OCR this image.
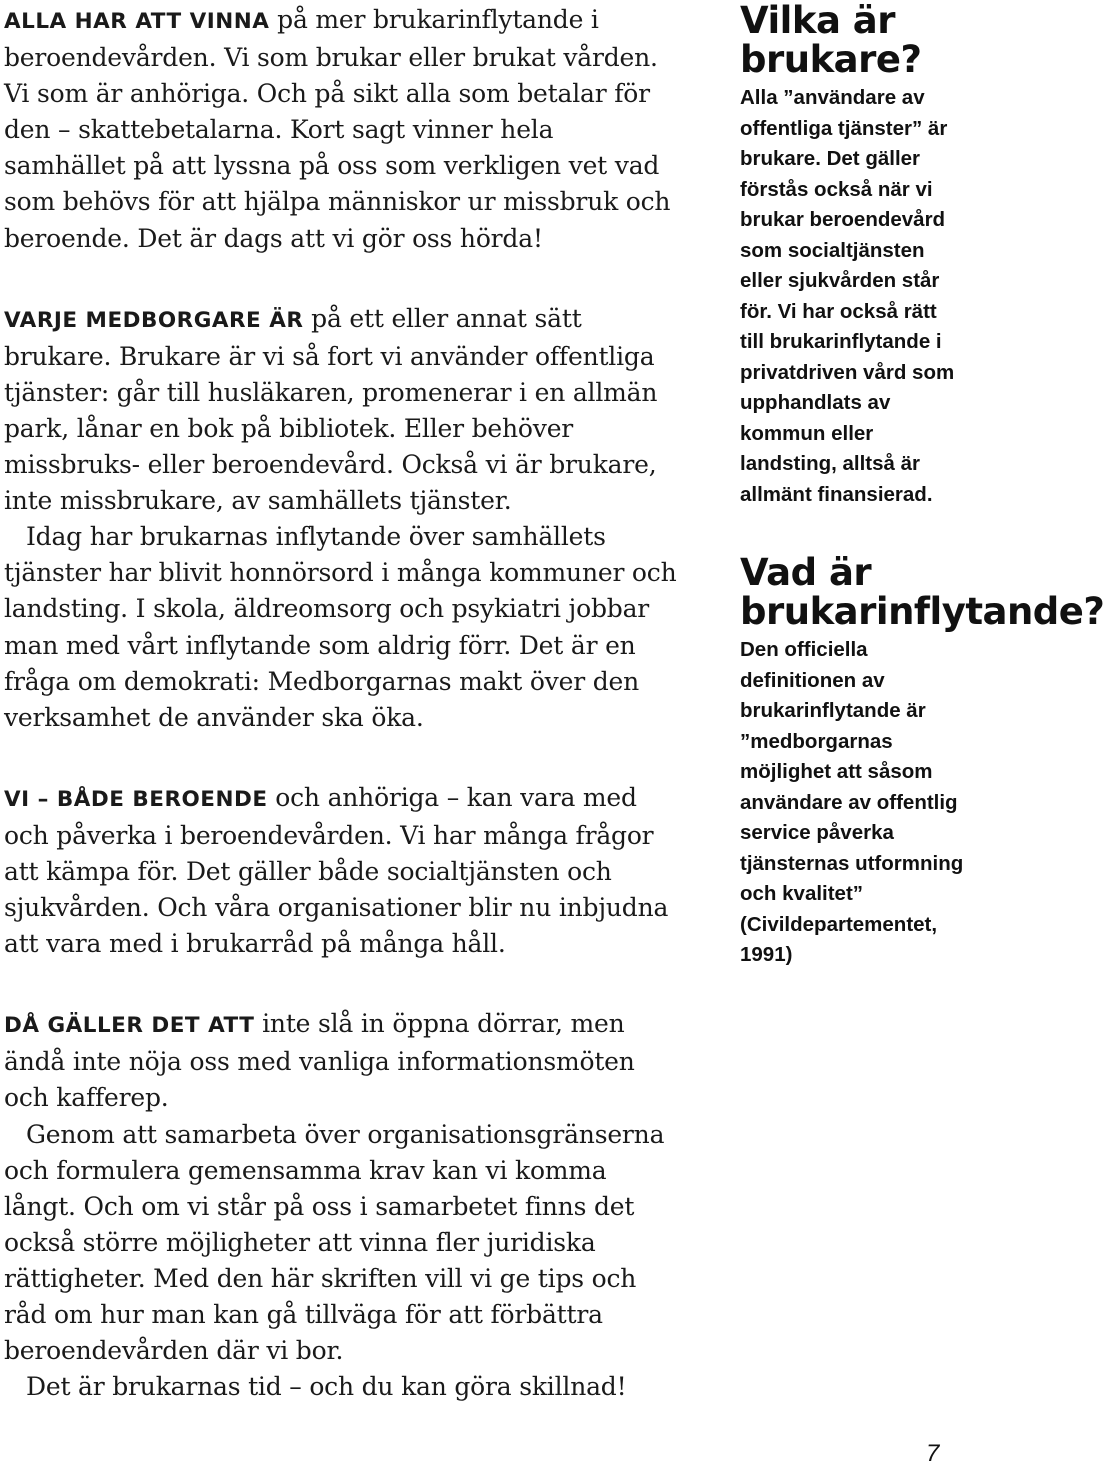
ALLA HAR ATT VINNA på mer brukarinflytande i beroendevården. Vi som brukar eller brukat vården. Vi som är anhöriga. Och på sikt alla som betalar för den – skattebetalarna. Kort sagt vinner hela samhället på att lyssna på oss som verkligen vet vad som behövs för att hjälpa människor ur missbruk och beroende. Det är dags att vi gör oss hörda!

VARJE MEDBORGARE ÄR på ett eller annat sätt brukare. Brukare är vi så fort vi använder offentliga tjänster: går till husläkaren, promenerar i en allmän park, lånar en bok på bibliotek. Eller behöver missbruks- eller beroendevård. Också vi är brukare, inte missbrukare, av samhällets tjänster.

Idag har brukarnas inflytande över samhällets tjänster har blivit honnörsord i många kommuner och landsting. I skola, äldreomsorg och psykiatri jobbar man med vårt inflytande som aldrig förr. Det är en fråga om demokrati: Medborgarnas makt över den verksamhet de använder ska öka.

VI – BÅDE BEROENDE och anhöriga – kan vara med och påverka i beroendevården. Vi har många frågor att kämpa för. Det gäller både socialtjänsten och sjukvården. Och våra organisationer blir nu inbjudna att vara med i brukarråd på många håll.

DÅ GÄLLER DET ATT inte slå in öppna dörrar, men ändå inte nöja oss med vanliga informationsmöten och kafferep.

Genom att samarbeta över organisationsgränserna och formulera gemensamma krav kan vi komma långt. Och om vi står på oss i samarbetet finns det också större möjligheter att vinna fler juridiska rättigheter. Med den här skriften vill vi ge tips och råd om hur man kan gå tillväga för att förbättra beroendevården där vi bor.

Det är brukarnas tid – och du kan göra skillnad!

Vilka är brukare?

Alla ”användare av offentliga tjänster” är brukare. Det gäller förstås också när vi brukar beroendevård som socialtjänsten eller sjukvården står för. Vi har också rätt till brukarinflytande i privatdriven vård som upphandlats av kommun eller landsting, alltså är allmänt finansierad.

Vad är brukarinflytande?

Den officiella definitionen av brukarinflytande är ”medborgarnas möjlighet att såsom användare av offentlig service påverka tjänsternas utformning och kvalitet” (Civildepartementet, 1991)

7
